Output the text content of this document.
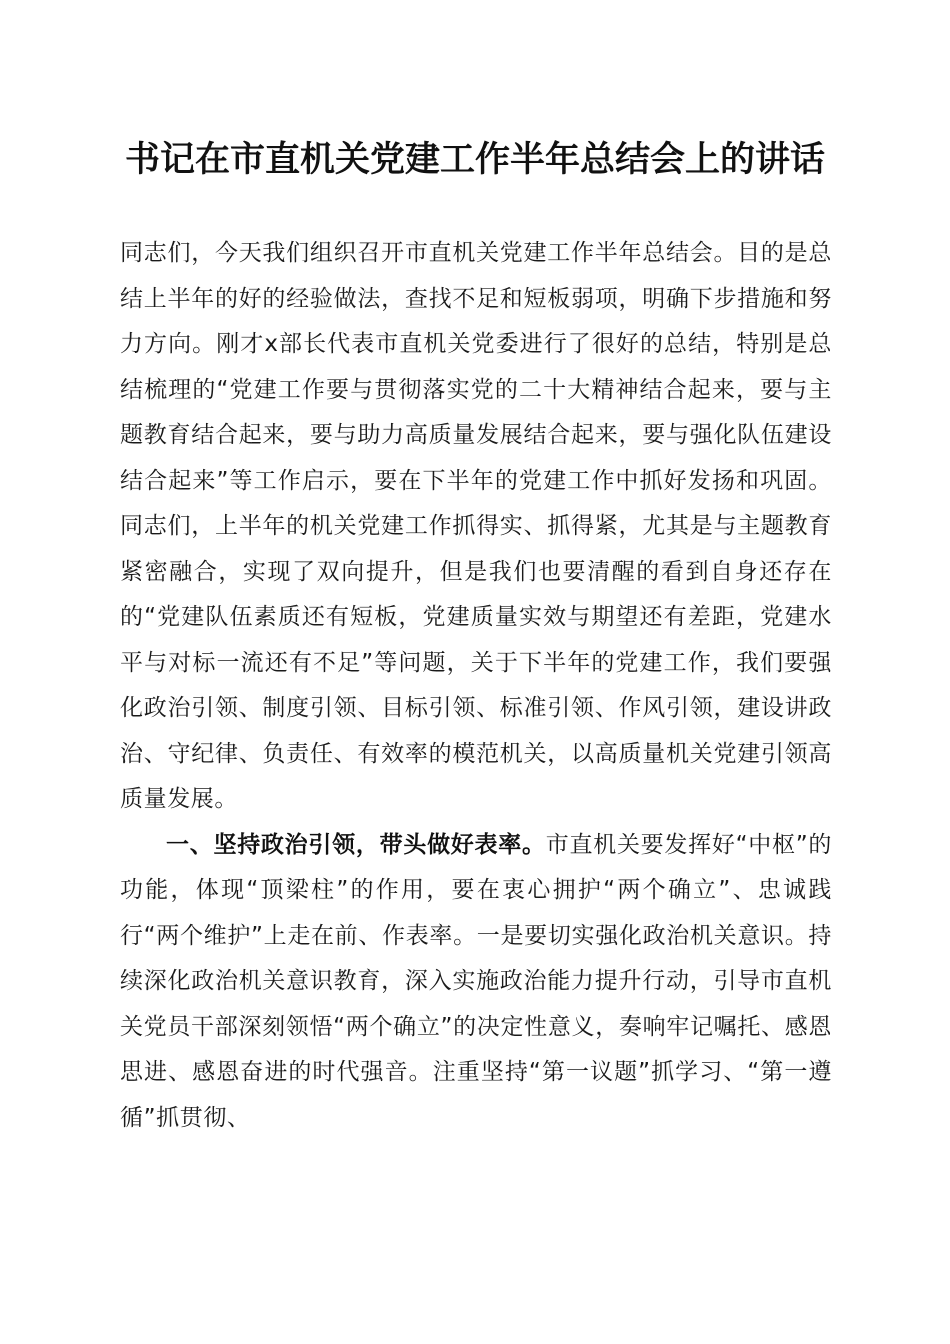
书记在市直机关党建工作半年总结会上的讲话

同志们，今天我们组织召开市直机关党建工作半年总结会。目的是总结上半年的好的经验做法，查找不足和短板弱项，明确下步措施和努力方向。刚才x部长代表市直机关党委进行了很好的总结，特别是总结梳理的“党建工作要与贯彻落实党的二十大精神结合起来，要与主题教育结合起来，要与助力高质量发展结合起来，要与强化队伍建设结合起来”等工作启示，要在下半年的党建工作中抓好发扬和巩固。同志们，上半年的机关党建工作抓得实、抓得紧，尤其是与主题教育紧密融合，实现了双向提升，但是我们也要清醒的看到自身还存在的“党建队伍素质还有短板，党建质量实效与期望还有差距，党建水平与对标一流还有不足”等问题，关于下半年的党建工作，我们要强化政治引领、制度引领、目标引领、标准引领、作风引领，建设讲政治、守纪律、负责任、有效率的模范机关，以高质量机关党建引领高质量发展。

一、坚持政治引领，带头做好表率。市直机关要发挥好“中枢”的功能，体现“顶梁柱”的作用，要在衷心拥护“两个确立”、忠诚践行“两个维护”上走在前、作表率。一是要切实强化政治机关意识。持续深化政治机关意识教育，深入实施政治能力提升行动，引导市直机关党员干部深刻领悟“两个确立”的决定性意义，奏响牢记嘱托、感恩思进、感恩奋进的时代强音。注重坚持“第一议题”抓学习、“第一遵循”抓贯彻、
